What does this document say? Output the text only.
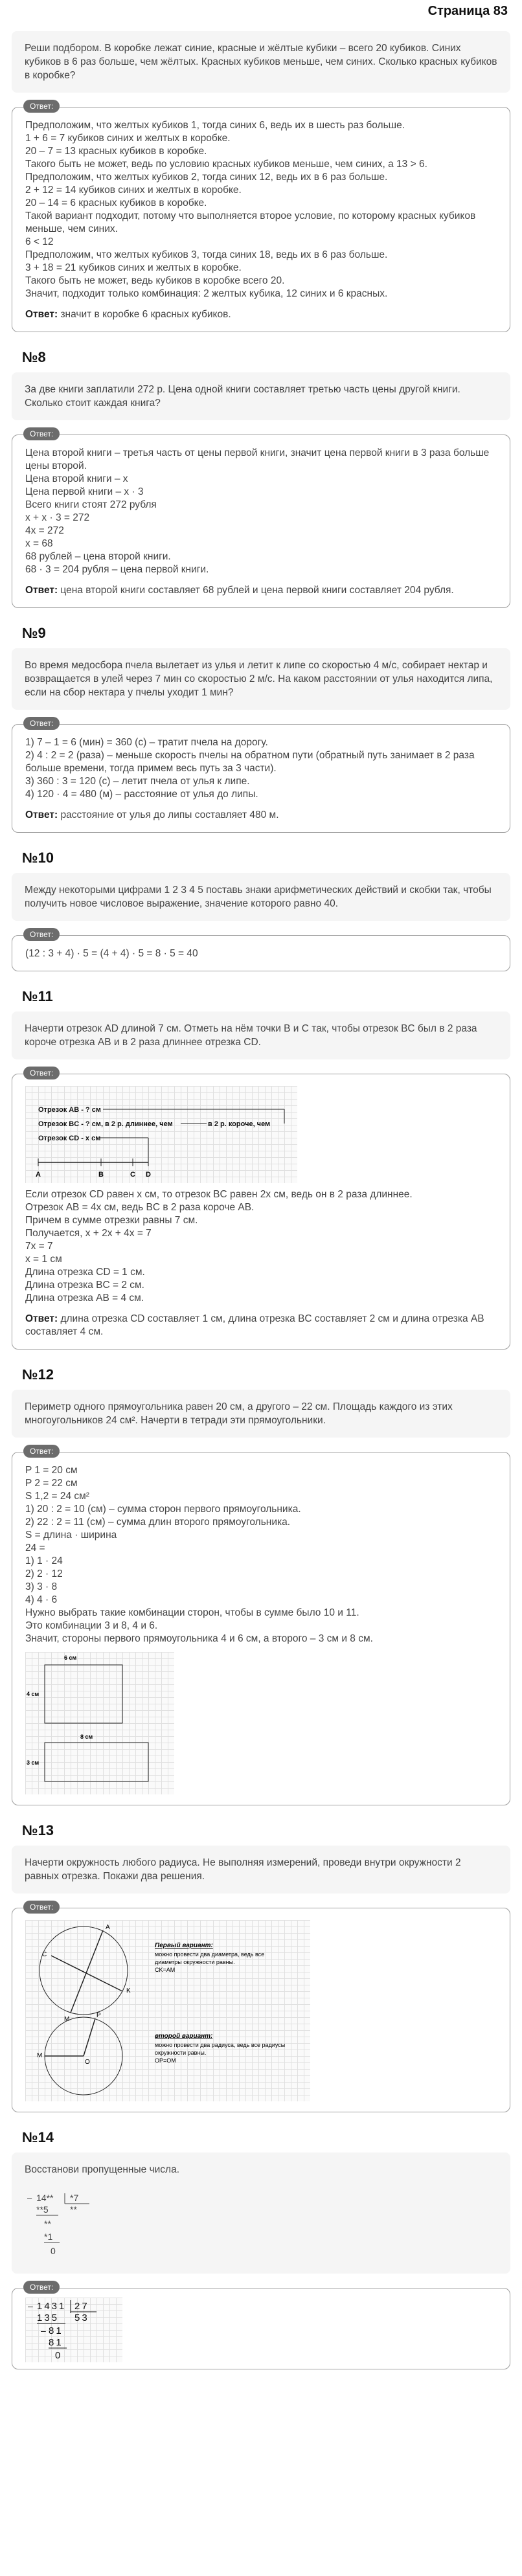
Страница 83
Реши подбором. В коробке лежат синие, красные и жёлтые кубики – всего 20 кубиков. Синих кубиков в 6 раз больше, чем жёлтых. Красных кубиков меньше, чем синих. Сколько красных кубиков в коробке?
Ответ:
Предположим, что желтых кубиков 1, тогда синих 6, ведь их в шесть раз больше.
1 + 6 = 7 кубиков синих и желтых в коробке.
20 – 7 = 13 красных кубиков в коробке.
Такого быть не может, ведь по условию красных кубиков меньше, чем синих, а 13 > 6.
Предположим, что желтых кубиков 2, тогда синих 12, ведь их в 6 раз больше.
2 + 12 = 14 кубиков синих и желтых в коробке.
20 – 14 = 6 красных кубиков в коробке.
Такой вариант подходит, потому что выполняется второе условие, по которому красных кубиков меньше, чем синих.
6 < 12
Предположим, что желтых кубиков 3, тогда синих 18, ведь их в 6 раз больше.
3 + 18 = 21 кубиков синих и желтых в коробке.
Такого быть не может, ведь кубиков в коробке всего 20.
Значит, подходит только комбинация: 2 желтых кубика, 12 синих и 6 красных.
Ответ: значит в коробке 6 красных кубиков.
№8
За две книги заплатили 272 р. Цена одной книги составляет третью часть цены другой книги. Сколько стоит каждая книга?
Ответ:
Цена второй книги – третья часть от цены первой книги, значит цена первой книги в 3 раза больше цены второй.
Цена второй книги – x
Цена первой книги – x · 3
Всего книги стоят 272 рубля
x + x · 3 = 272
4x = 272
x = 68
68 рублей – цена второй книги.
68 · 3 = 204 рубля – цена первой книги.
Ответ: цена второй книги составляет 68 рублей и цена первой книги составляет 204 рубля.
№9
Во время медосбора пчела вылетает из улья и летит к липе со скоростью 4 м/с, собирает нектар и возвращается в улей через 7 мин со скоростью 2 м/с. На каком расстоянии от улья находится липа, если на сбор нектара у пчелы уходит 1 мин?
Ответ:
1) 7 – 1 = 6 (мин) = 360 (с) – тратит пчела на дорогу.
2) 4 : 2 = 2 (раза) – меньше скорость пчелы на обратном пути (обратный путь занимает в 2 раза больше времени, тогда примем весь путь за 3 части).
3) 360 : 3 = 120 (с) – летит пчела от улья к липе.
4) 120 · 4 = 480 (м) – расстояние от улья до липы.
Ответ: расстояние от улья до липы составляет 480 м.
№10
Между некоторыми цифрами 1 2 3 4 5 поставь знаки арифметических действий и скобки так, чтобы получить новое числовое выражение, значение которого равно 40.
Ответ:
(12 : 3 + 4) · 5 = (4 + 4) · 5 = 8 · 5 = 40
№11
Начерти отрезок AD длиной 7 см. Отметь на нём точки B и C так, чтобы отрезок BC был в 2 раза короче отрезка AB и в 2 раза длиннее отрезка CD.
Ответ:
Отрезок AB - ? см
Отрезок BC - ? см, в 2 р. длиннее, чем	в 2 р. короче, чем
Отрезок CD - x см
A	B	C D
Если отрезок CD равен x см, то отрезок BC равен 2x см, ведь он в 2 раза длиннее.
Отрезок AB = 4x см, ведь BC в 2 раза короче AB.
Причем в сумме отрезки равны 7 см.
Получается, x + 2x + 4x = 7
7x = 7
x = 1 см
Длина отрезка CD = 1 см.
Длина отрезка BC = 2 см.
Длина отрезка AB = 4 см.
Ответ: длина отрезка CD составляет 1 см, длина отрезка BC составляет 2 см и длина отрезка AB составляет 4 см.
№12
Периметр одного прямоугольника равен 20 см, а другого – 22 см. Площадь каждого из этих многоугольников 24 см². Начерти в тетради эти прямоугольники.
Ответ:
P 1 = 20 см
P 2 = 22 см
S 1,2 = 24 см²
1) 20 : 2 = 10 (см) – сумма сторон первого прямоугольника.
2) 22 : 2 = 11 (см) – сумма длин второго прямоугольника.
S = длина · ширина
24 =
1) 1 · 24
2) 2 · 12
3) 3 · 8
4) 4 · 6
Нужно выбрать такие комбинации сторон, чтобы в сумме было 10 и 11.
Это комбинации 3 и 8, 4 и 6.
Значит, стороны первого прямоугольника 4 и 6 см, а второго – 3 см и 8 см.
6 см
4 см
8 см
3 см
№13
Начерти окружность любого радиуса. Не выполняя измерений, проведи внутри окружности 2 равных отрезка. Покажи два решения.
Ответ:
A
C
K
M
Первый вариант:
можно провести два диаметра, ведь все
диаметры окружности равны.
CK=AM
P
M
O
второй вариант:
можно провести два радиуса, ведь все радиусы
окружности равны.
OP=OM
№14
Восстанови пропущенные числа.
– 14** *7
**5 **
**
*1
0
Ответ:
– 1431 27
135 53
– 81
81
0
